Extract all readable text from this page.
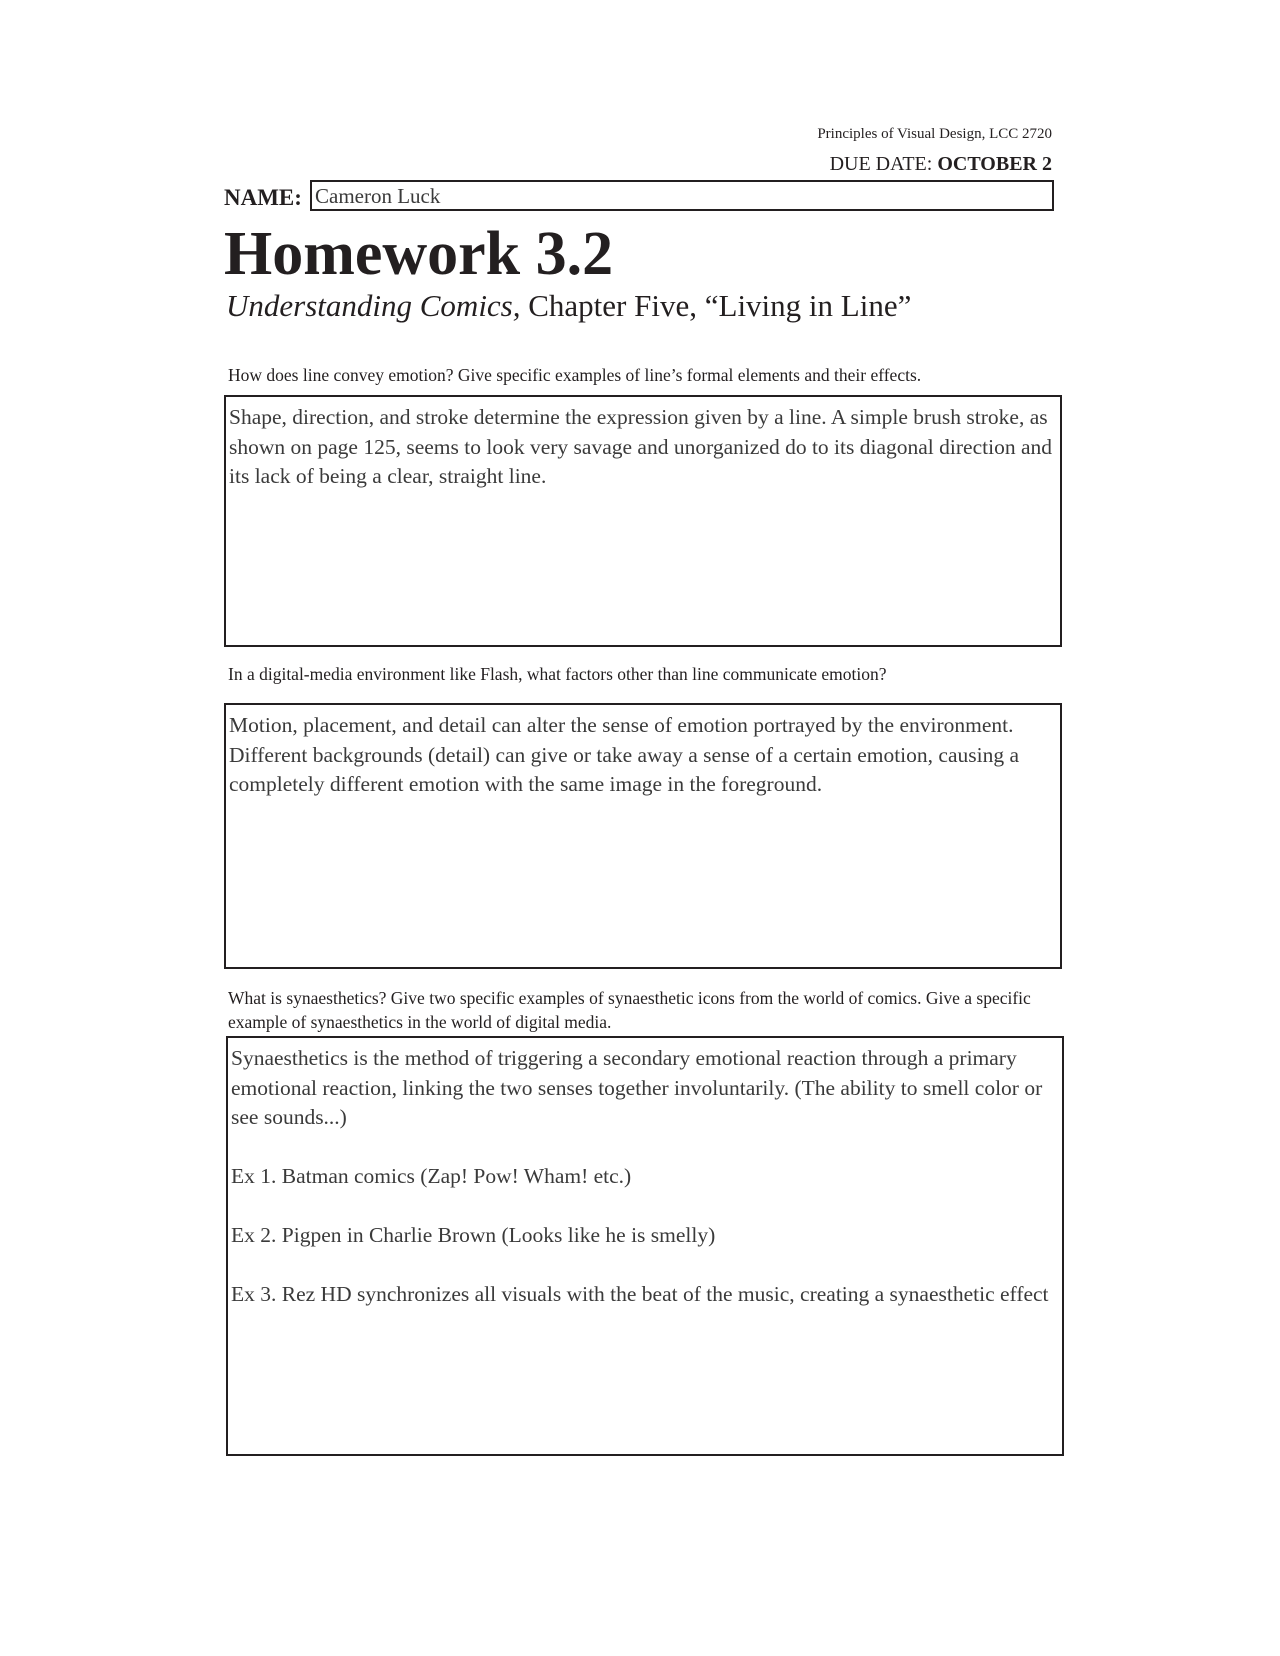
Principles of Visual Design, LCC 2720
DUE DATE: OCTOBER 2
NAME: Cameron Luck
Homework 3.2
Understanding Comics, Chapter Five, “Living in Line”
How does line convey emotion? Give specific examples of line’s formal elements and their effects.

Shape, direction, and stroke determine the expression given by a line. A simple brush stroke, as shown on page 125, seems to look very savage and unorganized do to its diagonal direction and its lack of being a clear, straight line.

In a digital-media environment like Flash, what factors other than line communicate emotion?

Motion, placement, and detail can alter the sense of emotion portrayed by the environment. Different backgrounds (detail) can give or take away a sense of a certain emotion, causing a completely different emotion with the same image in the foreground.

What is synaesthetics? Give two specific examples of synaesthetic icons from the world of comics. Give a specific example of synaesthetics in the world of digital media.

Synaesthetics is the method of triggering a secondary emotional reaction through a primary emotional reaction, linking the two senses together involuntarily. (The ability to smell color or see sounds...)

Ex 1. Batman comics (Zap! Pow! Wham! etc.)

Ex 2. Pigpen in Charlie Brown (Looks like he is smelly)

Ex 3. Rez HD synchronizes all visuals with the beat of the music, creating a synaesthetic effect
